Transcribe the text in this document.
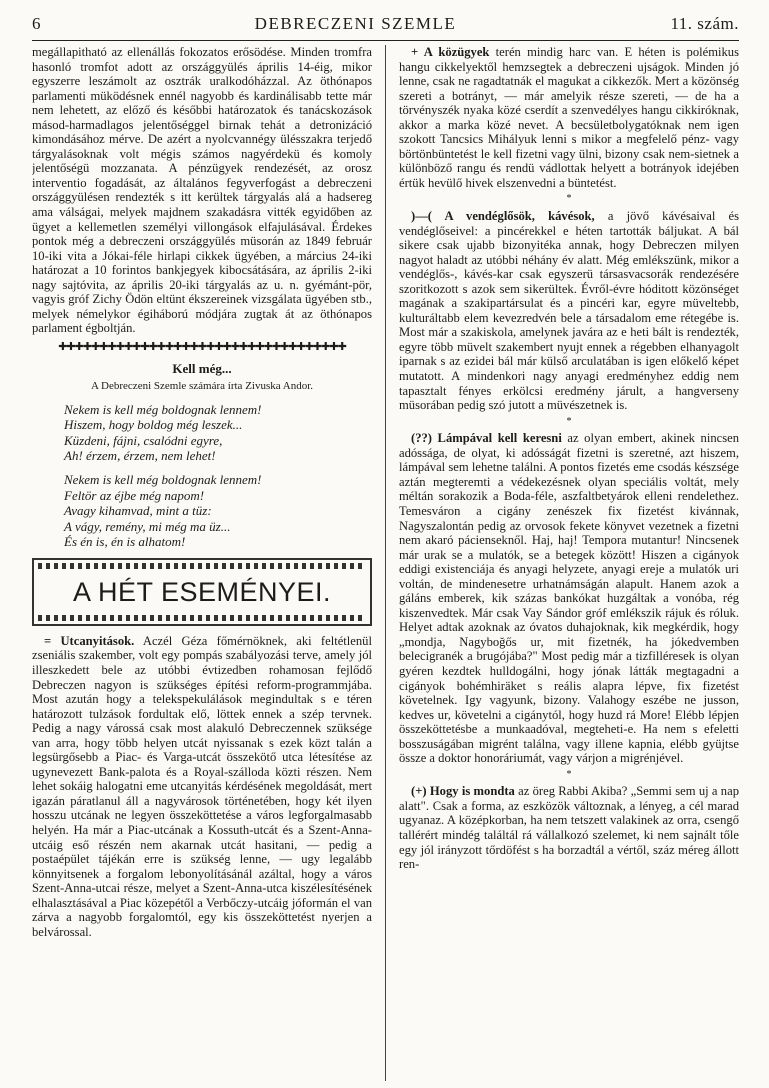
6	DEBRECZENI SZEMLE	11. szám.

megállapitható az ellenállás fokozatos erősödése. Minden tromfra hasonló tromfot adott az országgyülés április 14-éig, mikor egyszerre leszámolt az osztrák uralkodóházzal. Az öthónapos parlamenti müködésnek ennél nagyobb és kardinálisabb tette már nem lehetett, az előző és későbbi határozatok és tanácskozások másod-harmadlagos jelentőséggel birnak tehát a detronizáció kimondásához mérve. De azért a nyolcvannégy ülésszakra terjedő tárgyalásoknak volt mégis számos nagyérdekü és komoly jelentőségü mozzanata. A pénzügyek rendezését, az orosz interventio fogadását, az általános fegyverfogást a debreczeni országgyülésen rendezték s itt kerültek tárgyalás alá a hadsereg ama válságai, melyek majdnem szakadásra vitték egyidőben az ügyet a kellemetlen személyi villongások elfajulásával. Érdekes pontok még a debreczeni országgyülés müsorán az 1849 február 10-iki vita a Jókai-féle hirlapi cikkek ügyében, a március 24-iki határozat a 10 forintos bankjegyek kibocsátására, az április 2-iki nagy sajtóvita, az április 20-iki tárgyalás az u. n. gyémánt-pör, vagyis gróf Zichy Ödön eltünt ékszereinek vizsgálata ügyében stb., melyek némelykor égiháború módjára zugtak át az öthónapos parlament égboltján.

✚✚✚✚✚✚✚✚✚✚✚✚✚✚✚✚✚✚✚✚✚✚✚✚✚✚✚✚✚✚✚✚✚✚✚
Kell még...
A Debreczeni Szemle számára írta Zivuska Andor.
Nekem is kell még boldognak lennem!
Hiszem, hogy boldog még leszek...
Küzdeni, fájni, csalódni egyre,
Ah! érzem, érzem, nem lehet!
Nekem is kell még boldognak lennem!
Feltör az éjbe még napom!
Avagy kihamvad, mint a tüz:
A vágy, remény, mi még ma üz...
És én is, én is alhatom!
A HÉT ESEMÉNYEI.

= Utcanyitások. Aczél Géza főmérnöknek, aki feltétlenül zseniális szakember, volt egy pompás szabályozási terve, amely jól illeszkedett bele az utóbbi évtizedben rohamosan fejlődő Debreczen nagyon is szükséges építési reform-programmjába. Most azután hogy a telekspekulálások megindultak s e téren határozott tulzások fordultak elő, löttek ennek a szép tervnek. Pedig a nagy várossá csak most alakuló Debreczennek szüksége van arra, hogy több helyen utcát nyissanak s ezek közt talán a legsürgősebb a Piac- és Varga-utcát összekötő utca létesítése az ugynevezett Bank-palota és a Royal-szálloda közti részen. Nem lehet sokáig halogatni eme utcanyitás kérdésének megoldását, mert igazán páratlanul áll a nagyvárosok történetében, hogy két ilyen hosszu utcának ne legyen összeköttetése a város legforgalmasabb helyén. Ha már a Piac-utcának a Kossuth-utcát és a Szent-Anna-utcáig eső részén nem akarnak utcát hasitani, — pedig a postaépület tájékán erre is szükség lenne, — ugy legalább könnyitsenek a forgalom lebonyolításánál azáltal, hogy a város Szent-Anna-utcai része, melyet a Szent-Anna-utca kiszélesítésének elhalasztásával a Piac közepétől a Verbőczy-utcáig jóformán el van zárva a nagyobb forgalomtól, egy kis összeköttetést nyerjen a belvárossal.

+ A közügyek terén mindig harc van. E héten is polémikus hangu cikkelyektől hemzsegtek a debreczeni ujságok. Minden jó lenne, csak ne ragadtatnák el magukat a cikkezők. Mert a közönség szereti a botrányt, — már amelyik része szereti, — de ha a törvényszék nyaka közé cserdít a szenvedélyes hangu cikkiróknak, akkor a marka közé nevet. A becsületbolygatóknak nem igen szokott Tancsics Mihályuk lenni s mikor a megfelelő pénz- vagy börtönbüntetést le kell fizetni vagy ülni, bizony csak nem-sietnek a különböző rangu és rendü vádlottak helyett a botrányok idejében értük hevülő hivek elszenvedni a büntetést.

*

)—( A vendéglősök, kávésok, a jövő kávésaival és vendéglőseivel: a pincérekkel e héten tartották báljukat. A bál sikere csak ujabb bizonyitéka annak, hogy Debreczen milyen nagyot haladt az utóbbi néhány év alatt. Még emlékszünk, mikor a vendéglős-, kávés-kar csak egyszerü társasvacsorák rendezésére szoritkozott s azok sem sikerültek. Évről-évre hóditott közönséget magának a szakipartársulat és a pincéri kar, egyre müveltebb, kulturáltabb elem kevezredvén bele a társadalom eme rétegébe is. Most már a szakiskola, amelynek javára az e heti bált is rendezték, egyre több müvelt szakembert nyujt ennek a régebben elhanyagolt iparnak s az ezidei bál már külső arculatában is igen előkelő képet mutatott. A mindenkori nagy anyagi eredményhez eddig nem tapasztalt fényes erkölcsi eredmény járult, a hangverseny müsorában pedig szó jutott a müvészetnek is.

*

(??) Lámpával kell keresni az olyan embert, akinek nincsen adóssága, de olyat, ki adósságát fizetni is szeretné, azt hiszem, lámpával sem lehetne találni. A pontos fizetés eme csodás készsége aztán megteremti a védekezésnek olyan speciális voltát, mely méltán sorakozik a Boda-féle, aszfaltbetyárok elleni rendelethez. Temesváron a cigány zenészek fix fizetést kivánnak, Nagyszalontán pedig az orvosok fekete könyvet vezetnek a fizetni nem akaró pácienseknől. Haj, haj! Tempora mutantur! Nincsenek már urak se a mulatók, se a betegek között! Hiszen a cigányok eddigi existenciája és anyagi helyzete, anyagi ereje a mulatók uri voltán, de mindenesetre urhatnámságán alapult. Hanem azok a gáláns emberek, kik százas bankókat huzgáltak a vonóba, rég kiszenvedtek. Már csak Vay Sándor gróf emlékszik rájuk és róluk. Helyet adtak azoknak az óvatos duhajoknak, kik megkérdik, hogy „mondja, Nagyboğős ur, mit fizetnék, ha jókedvemben belecigranék a brugójába?" Most pedig már a tizfilléresek is olyan gyéren kezdtek hulldogálni, hogy jónak látták megtagadni a cigányok bohémhiräket s reális alapra lépve, fix fizetést követelnek. Igy vagyunk, bizony. Valahogy eszébe ne jusson, kedves ur, követelni a cigánytól, hogy huzd rá More! Elébb lépjen összeköttetésbe a munkaadóval, megteheti-e. Ha nem s efeletti bosszuságában migrént találna, vagy illene kapnia, elébb gyüjtse össze a doktor honoráriumát, vagy várjon a migrénjével.

*

(+) Hogy is mondta az öreg Rabbi Akiba? „Semmi sem uj a nap alatt". Csak a forma, az eszközök változnak, a lényeg, a cél marad ugyanaz. A középkorban, ha nem tetszett valakinek az orra, csengő tallérért mindég találtál rá vállalkozó szelemet, ki nem sajnált tőle egy jól irányzott tőrdöfést s ha borzadtál a vértől, száz méreg állott ren-
